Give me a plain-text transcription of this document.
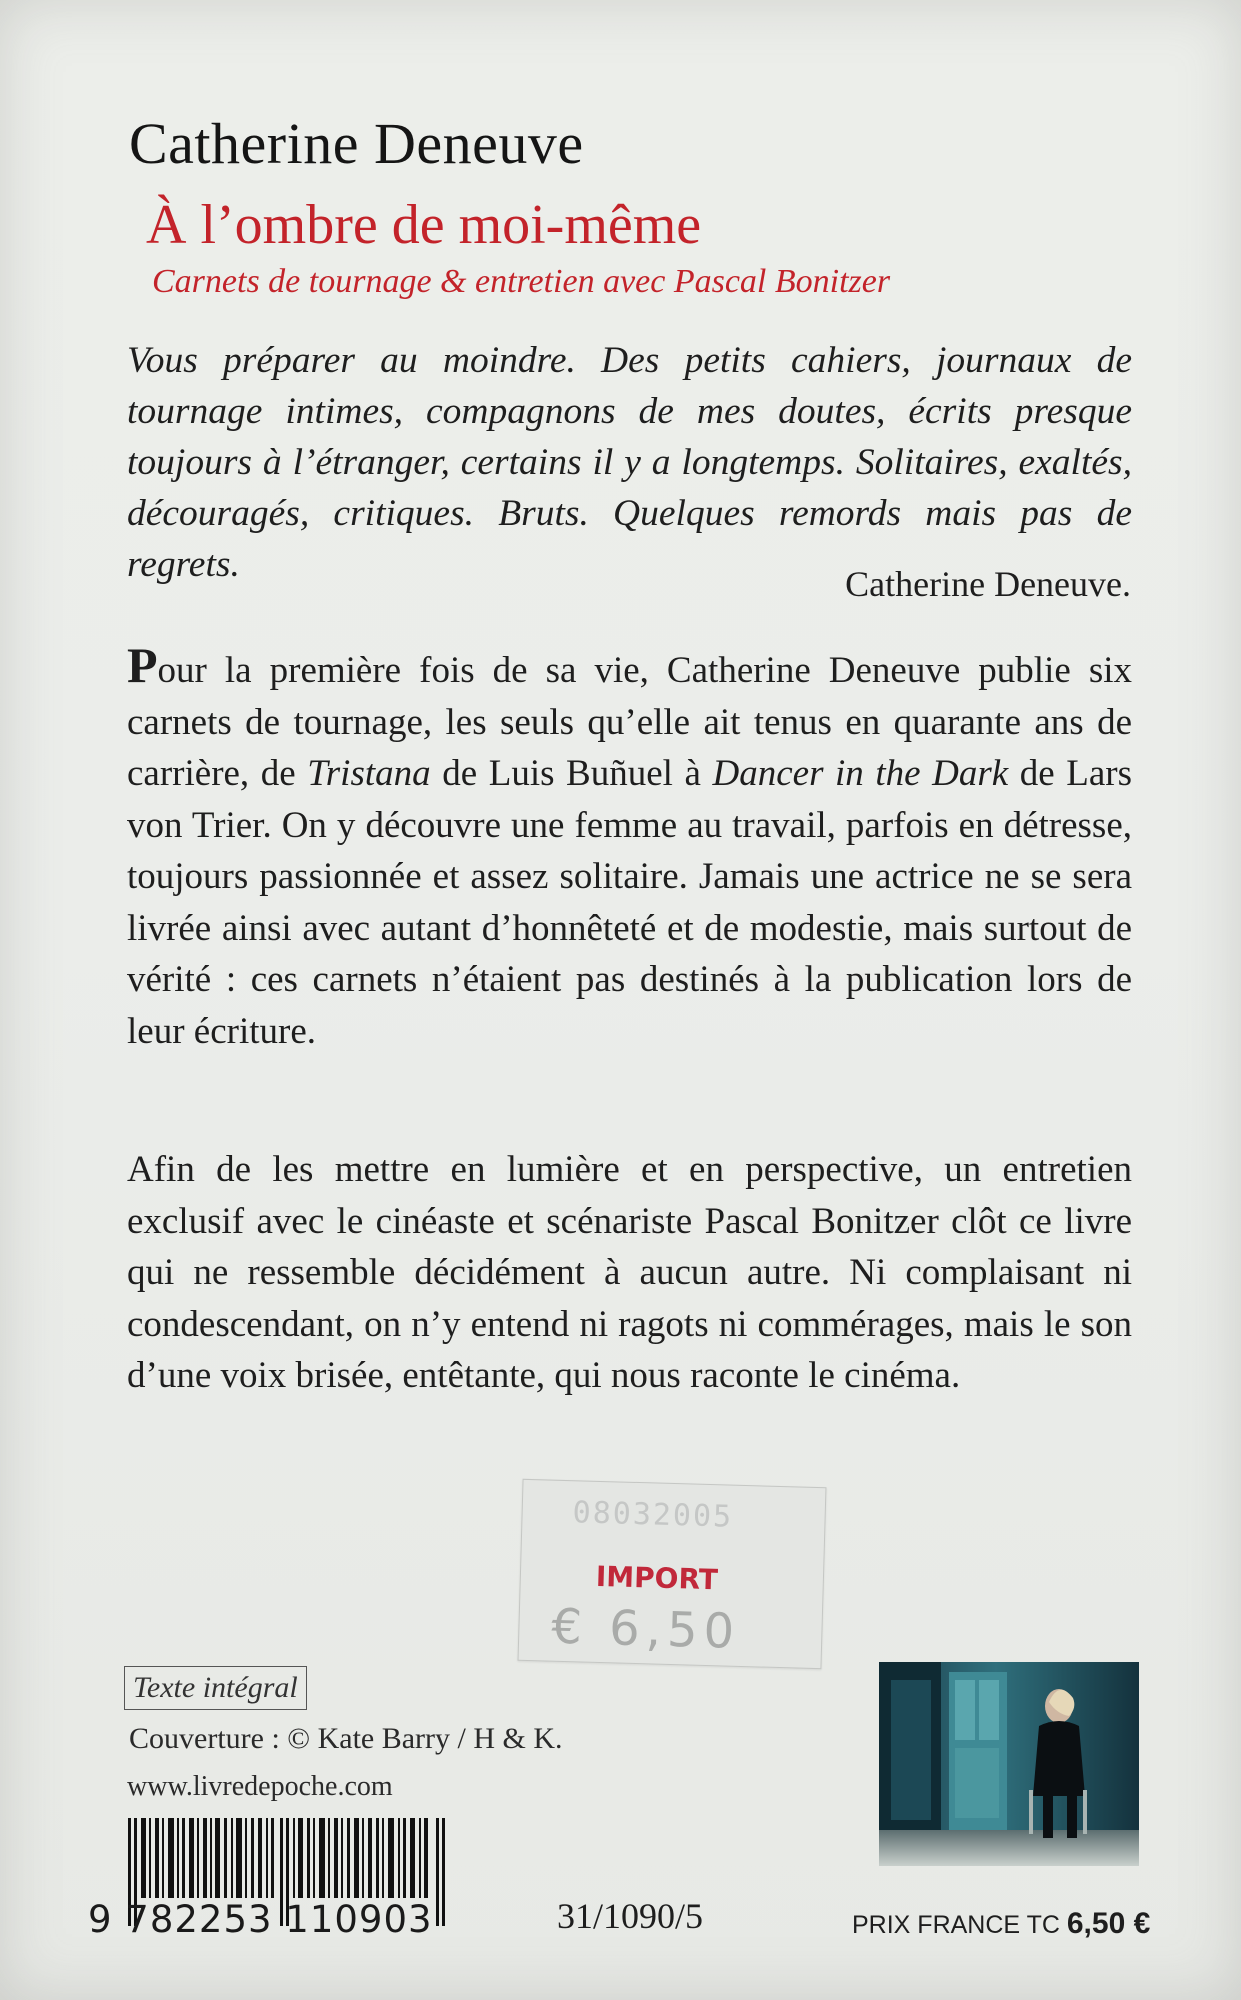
Catherine Deneuve
À l’ombre de moi-même
Carnets de tournage & entretien avec Pascal Bonitzer
Vous préparer au moindre. Des petits cahiers, journaux de tournage intimes, compagnons de mes doutes, écrits presque toujours à l’étranger, certains il y a longtemps. Solitaires, exaltés, découragés, critiques. Bruts. Quelques remords mais pas de regrets.	Catherine Deneuve.
Pour la première fois de sa vie, Catherine Deneuve publie six carnets de tournage, les seuls qu’elle ait tenus en quarante ans de carrière, de Tristana de Luis Buñuel à Dancer in the Dark de Lars von Trier. On y découvre une femme au travail, parfois en détresse, toujours passionnée et assez solitaire. Jamais une actrice ne se sera livrée ainsi avec autant d’honnêteté et de modestie, mais surtout de vérité : ces carnets n’étaient pas destinés à la publication lors de leur écriture.
Afin de les mettre en lumière et en perspective, un entretien exclusif avec le cinéaste et scénariste Pascal Bonitzer clôt ce livre qui ne ressemble décidément à aucun autre. Ni complaisant ni condescendant, on n’y entend ni ragots ni commérages, mais le son d’une voix brisée, entêtante, qui nous raconte le cinéma.
08032005
IMPORT
€ 6,50
Texte intégral
Couverture : © Kate Barry / H & K.
www.livredepoche.com
9 782253 110903	31/1090/5	PRIX FRANCE TC 6,50 €
